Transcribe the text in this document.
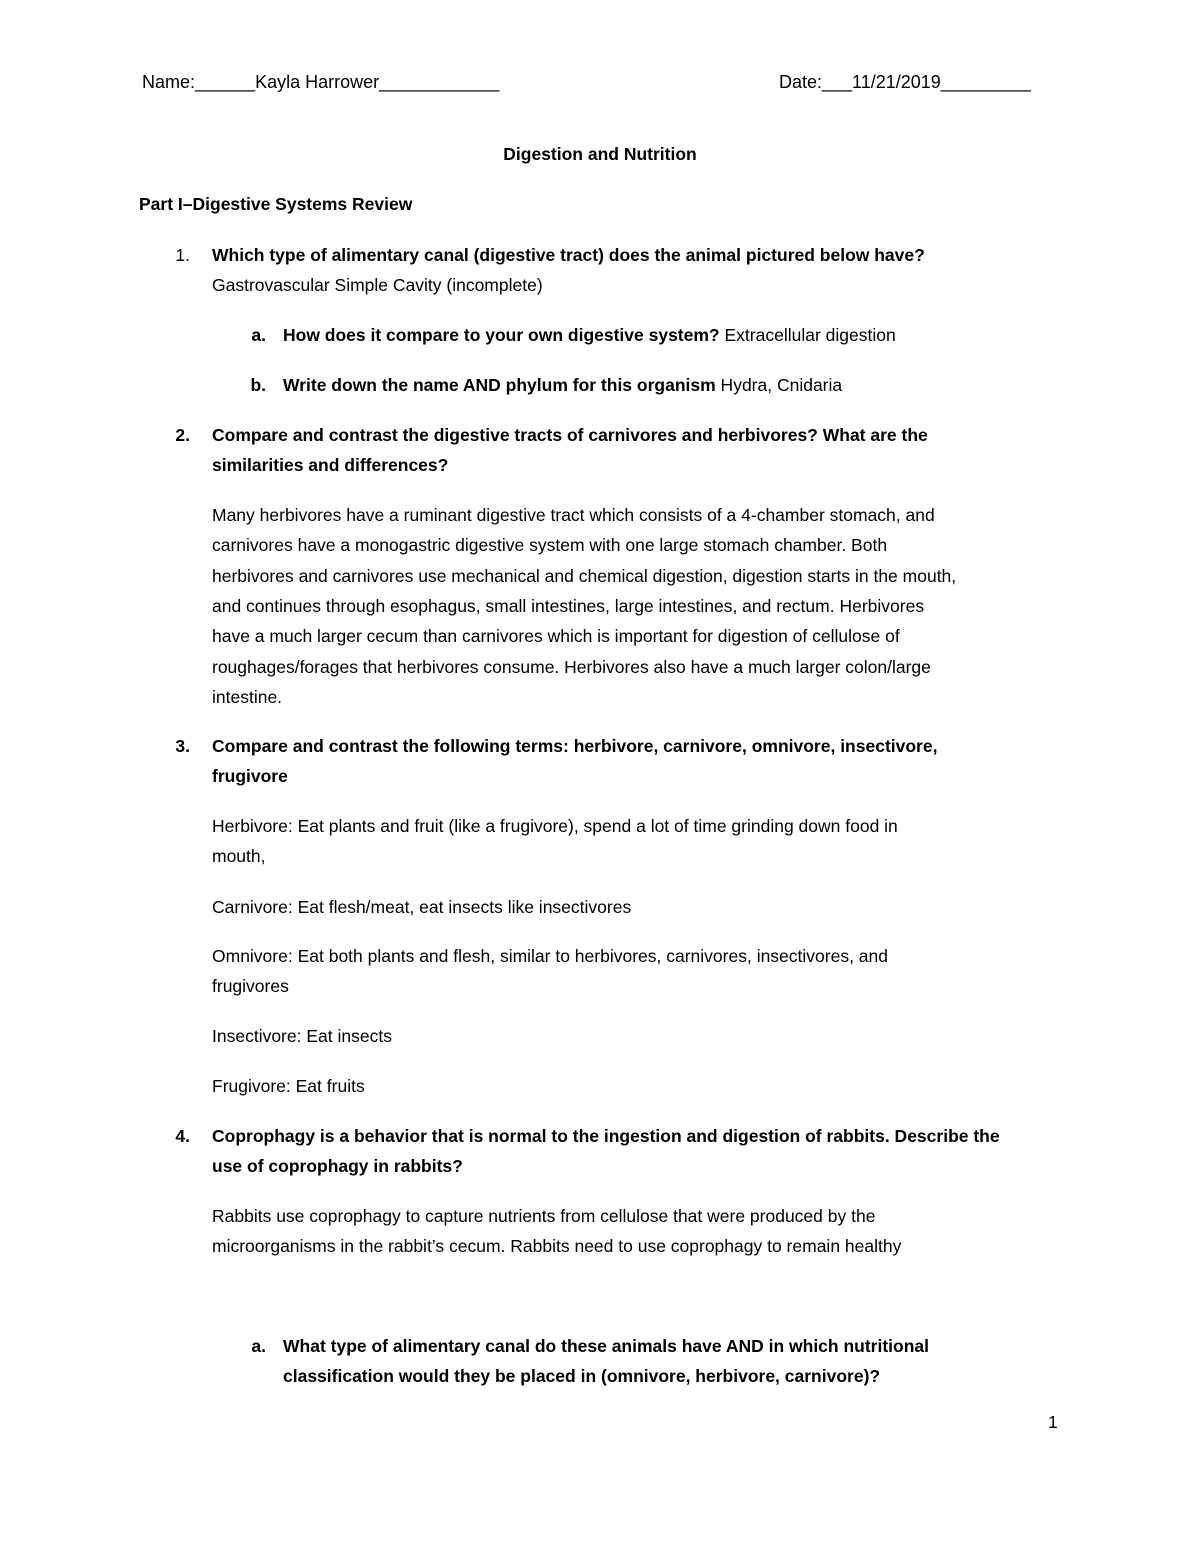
Name:______Kayla Harrower____________	Date:___11/21/2019_________
Digestion and Nutrition
Part I–Digestive Systems Review
1. Which type of alimentary canal (digestive tract) does the animal pictured below have?
Gastrovascular Simple Cavity (incomplete)
a. How does it compare to your own digestive system? Extracellular digestion
b. Write down the name AND phylum for this organism Hydra, Cnidaria
2. Compare and contrast the digestive tracts of carnivores and herbivores? What are the
similarities and differences?
Many herbivores have a ruminant digestive tract which consists of a 4-chamber stomach, and
carnivores have a monogastric digestive system with one large stomach chamber. Both
herbivores and carnivores use mechanical and chemical digestion, digestion starts in the mouth,
and continues through esophagus, small intestines, large intestines, and rectum. Herbivores
have a much larger cecum than carnivores which is important for digestion of cellulose of
roughages/forages that herbivores consume. Herbivores also have a much larger colon/large
intestine.
3. Compare and contrast the following terms: herbivore, carnivore, omnivore, insectivore,
frugivore
Herbivore: Eat plants and fruit (like a frugivore), spend a lot of time grinding down food in
mouth,
Carnivore: Eat flesh/meat, eat insects like insectivores
Omnivore: Eat both plants and flesh, similar to herbivores, carnivores, insectivores, and
frugivores
Insectivore: Eat insects
Frugivore: Eat fruits
4. Coprophagy is a behavior that is normal to the ingestion and digestion of rabbits. Describe the
use of coprophagy in rabbits?
Rabbits use coprophagy to capture nutrients from cellulose that were produced by the
microorganisms in the rabbit’s cecum. Rabbits need to use coprophagy to remain healthy
a. What type of alimentary canal do these animals have AND in which nutritional
classification would they be placed in (omnivore, herbivore, carnivore)?
1
